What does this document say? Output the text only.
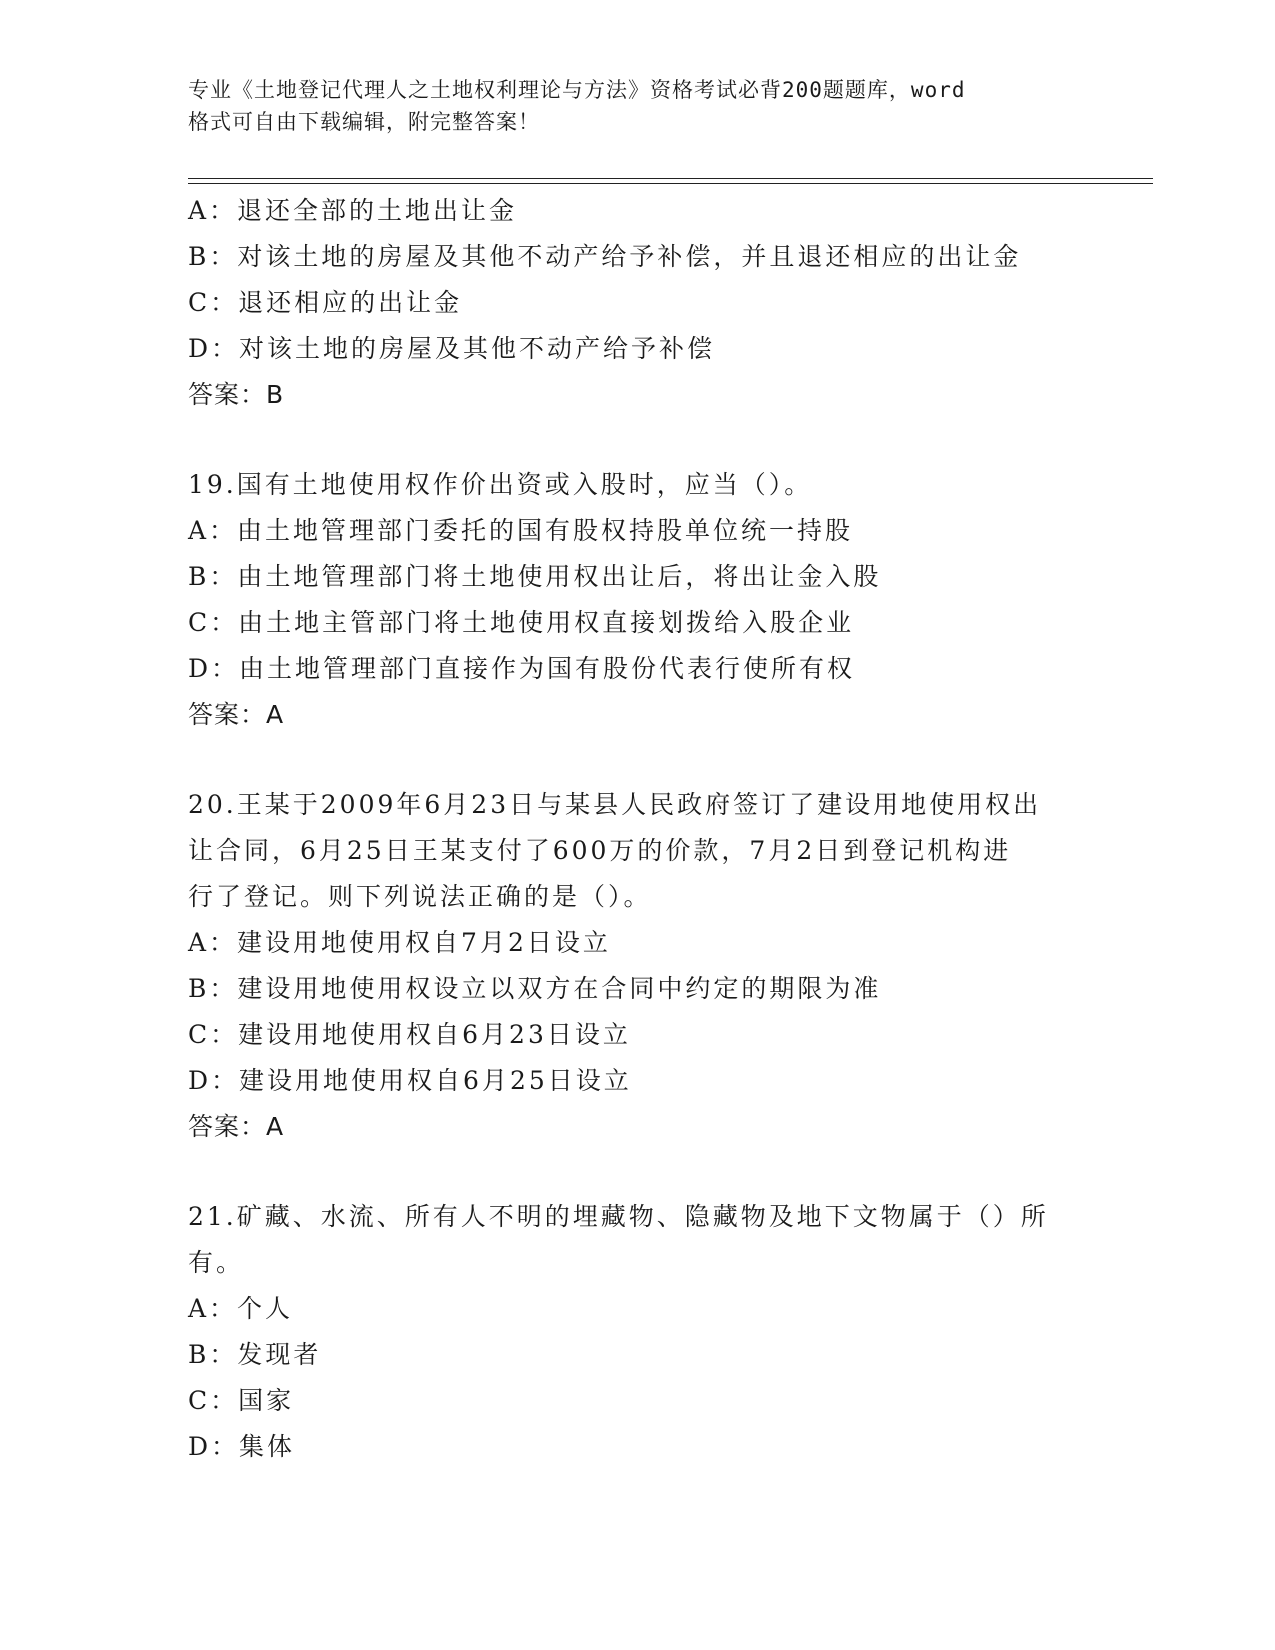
专业《土地登记代理人之土地权利理论与方法》资格考试必背200题题库，word
格式可自由下载编辑，附完整答案！
A：退还全部的土地出让金
B：对该土地的房屋及其他不动产给予补偿，并且退还相应的出让金
C：退还相应的出让金
D：对该土地的房屋及其他不动产给予补偿
答案：B
19.国有土地使用权作价出资或入股时，应当（）。
A：由土地管理部门委托的国有股权持股单位统一持股
B：由土地管理部门将土地使用权出让后，将出让金入股
C：由土地主管部门将土地使用权直接划拨给入股企业
D：由土地管理部门直接作为国有股份代表行使所有权
答案：A
20.王某于2009年6月23日与某县人民政府签订了建设用地使用权出
让合同，6月25日王某支付了600万的价款，7月2日到登记机构进
行了登记。则下列说法正确的是（）。
A：建设用地使用权自7月2日设立
B：建设用地使用权设立以双方在合同中约定的期限为准
C：建设用地使用权自6月23日设立
D：建设用地使用权自6月25日设立
答案：A
21.矿藏、水流、所有人不明的埋藏物、隐藏物及地下文物属于（）所
有。
A：个人
B：发现者
C：国家
D：集体
